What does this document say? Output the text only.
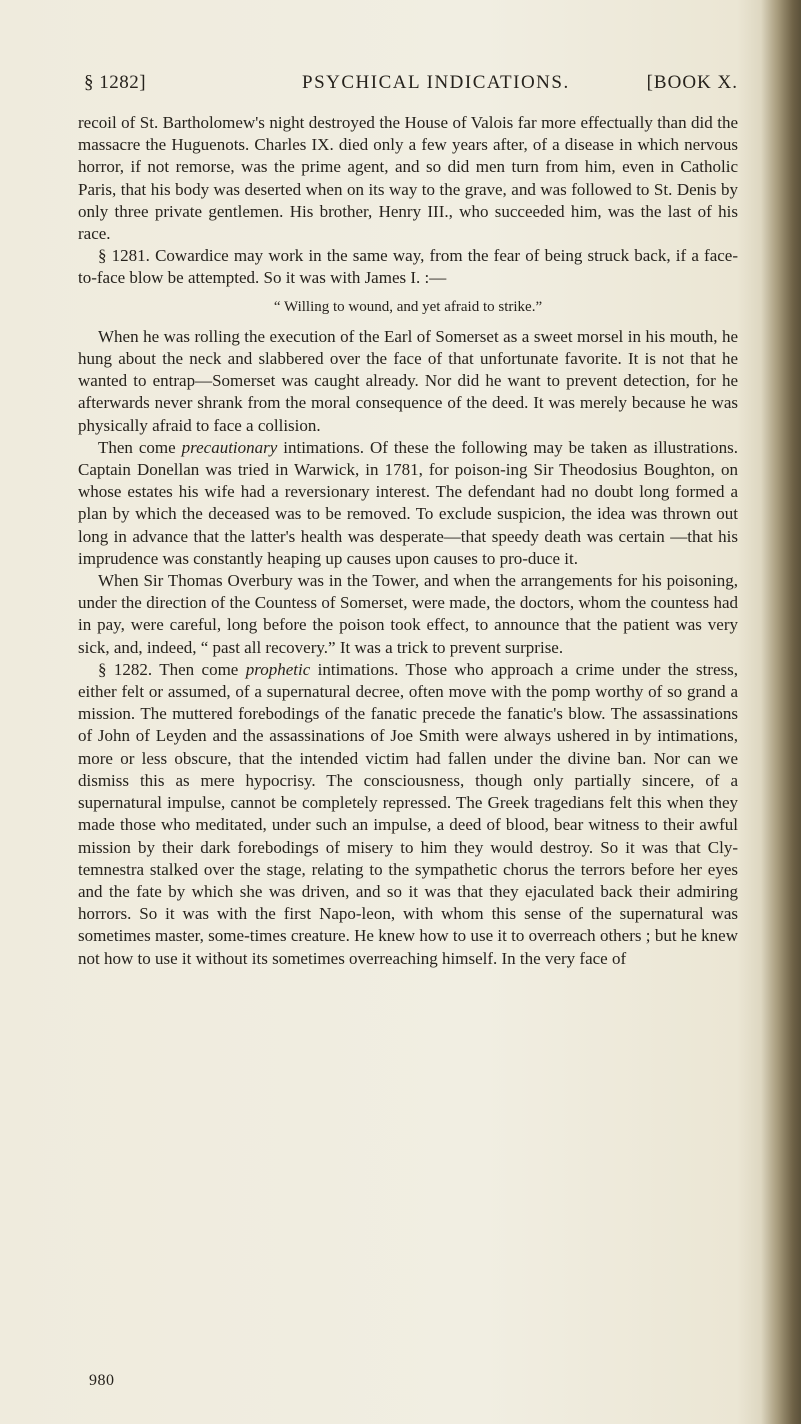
§ 1282]	PSYCHICAL INDICATIONS.	[BOOK X.

recoil of St. Bartholomew's night destroyed the House of Valois far more effectually than did the massacre the Huguenots. Charles IX. died only a few years after, of a disease in which nervous horror, if not remorse, was the prime agent, and so did men turn from him, even in Catholic Paris, that his body was deserted when on its way to the grave, and was followed to St. Denis by only three private gentlemen. His brother, Henry III., who succeeded him, was the last of his race.

§ 1281. Cowardice may work in the same way, from the fear of being struck back, if a face-to-face blow be attempted. So it was with James I. :—

“ Willing to wound, and yet afraid to strike.”

When he was rolling the execution of the Earl of Somerset as a sweet morsel in his mouth, he hung about the neck and slabbered over the face of that unfortunate favorite. It is not that he wanted to entrap—Somerset was caught already. Nor did he want to prevent detection, for he afterwards never shrank from the moral consequence of the deed. It was merely because he was physically afraid to face a collision.

Then come precautionary intimations. Of these the following may be taken as illustrations. Captain Donellan was tried in Warwick, in 1781, for poison-ing Sir Theodosius Boughton, on whose estates his wife had a reversionary interest. The defendant had no doubt long formed a plan by which the deceased was to be removed. To exclude suspicion, the idea was thrown out long in advance that the latter's health was desperate—that speedy death was certain —that his imprudence was constantly heaping up causes upon causes to pro-duce it.

When Sir Thomas Overbury was in the Tower, and when the arrangements for his poisoning, under the direction of the Countess of Somerset, were made, the doctors, whom the countess had in pay, were careful, long before the poison took effect, to announce that the patient was very sick, and, indeed, “ past all recovery.” It was a trick to prevent surprise.

§ 1282. Then come prophetic intimations. Those who approach a crime under the stress, either felt or assumed, of a supernatural decree, often move with the pomp worthy of so grand a mission. The muttered forebodings of the fanatic precede the fanatic's blow. The assassinations of John of Leyden and the assassinations of Joe Smith were always ushered in by intimations, more or less obscure, that the intended victim had fallen under the divine ban. Nor can we dismiss this as mere hypocrisy. The consciousness, though only partially sincere, of a supernatural impulse, cannot be completely repressed. The Greek tragedians felt this when they made those who meditated, under such an impulse, a deed of blood, bear witness to their awful mission by their dark forebodings of misery to him they would destroy. So it was that Cly-temnestra stalked over the stage, relating to the sympathetic chorus the terrors before her eyes and the fate by which she was driven, and so it was that they ejaculated back their admiring horrors. So it was with the first Napo-leon, with whom this sense of the supernatural was sometimes master, some-times creature. He knew how to use it to overreach others ; but he knew not how to use it without its sometimes overreaching himself. In the very face of

980
